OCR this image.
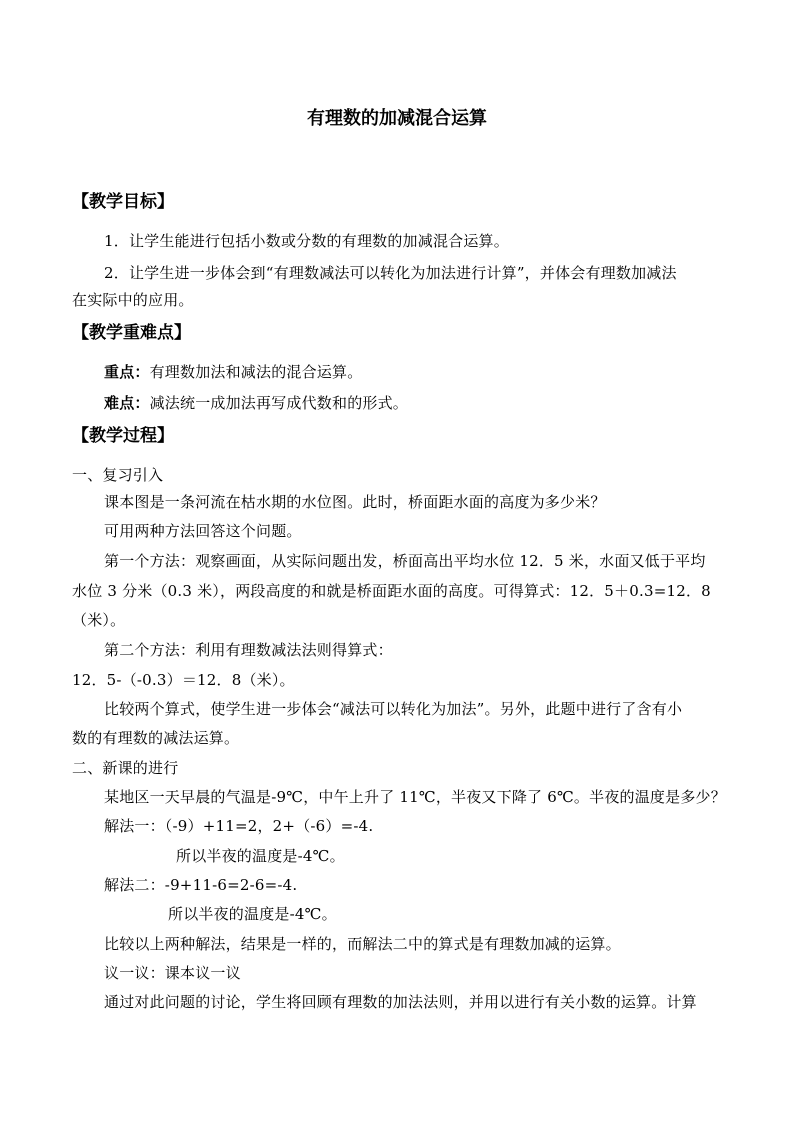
有理数的加减混合运算
【教学目标】
1．让学生能进行包括小数或分数的有理数的加减混合运算。
2．让学生进一步体会到“有理数减法可以转化为加法进行计算”，并体会有理数加减法
在实际中的应用。
【教学重难点】
重点：有理数加法和减法的混合运算。
难点：减法统一成加法再写成代数和的形式。
【教学过程】
一、复习引入
课本图是一条河流在枯水期的水位图。此时，桥面距水面的高度为多少米？
可用两种方法回答这个问题。
第一个方法：观察画面，从实际问题出发，桥面高出平均水位 12．5 米，水面又低于平均
水位 3 分米（0.3 米），两段高度的和就是桥面距水面的高度。可得算式：12．5＋0.3=12．8
（米）。
第二个方法：利用有理数减法法则得算式：
12．5-（-0.3）＝12．8（米）。
比较两个算式，使学生进一步体会“减法可以转化为加法”。另外，此题中进行了含有小
数的有理数的减法运算。
二、新课的进行
某地区一天早晨的气温是-9℃，中午上升了 11℃，半夜又下降了 6℃。半夜的温度是多少？
解法一：（-9）+11=2，2+（-6）=-4.
所以半夜的温度是-4℃。
解法二：-9+11-6=2-6=-4.
所以半夜的温度是-4℃。
比较以上两种解法，结果是一样的，而解法二中的算式是有理数加减的运算。
议一议：课本议一议
通过对此问题的讨论，学生将回顾有理数的加法法则，并用以进行有关小数的运算。计算
